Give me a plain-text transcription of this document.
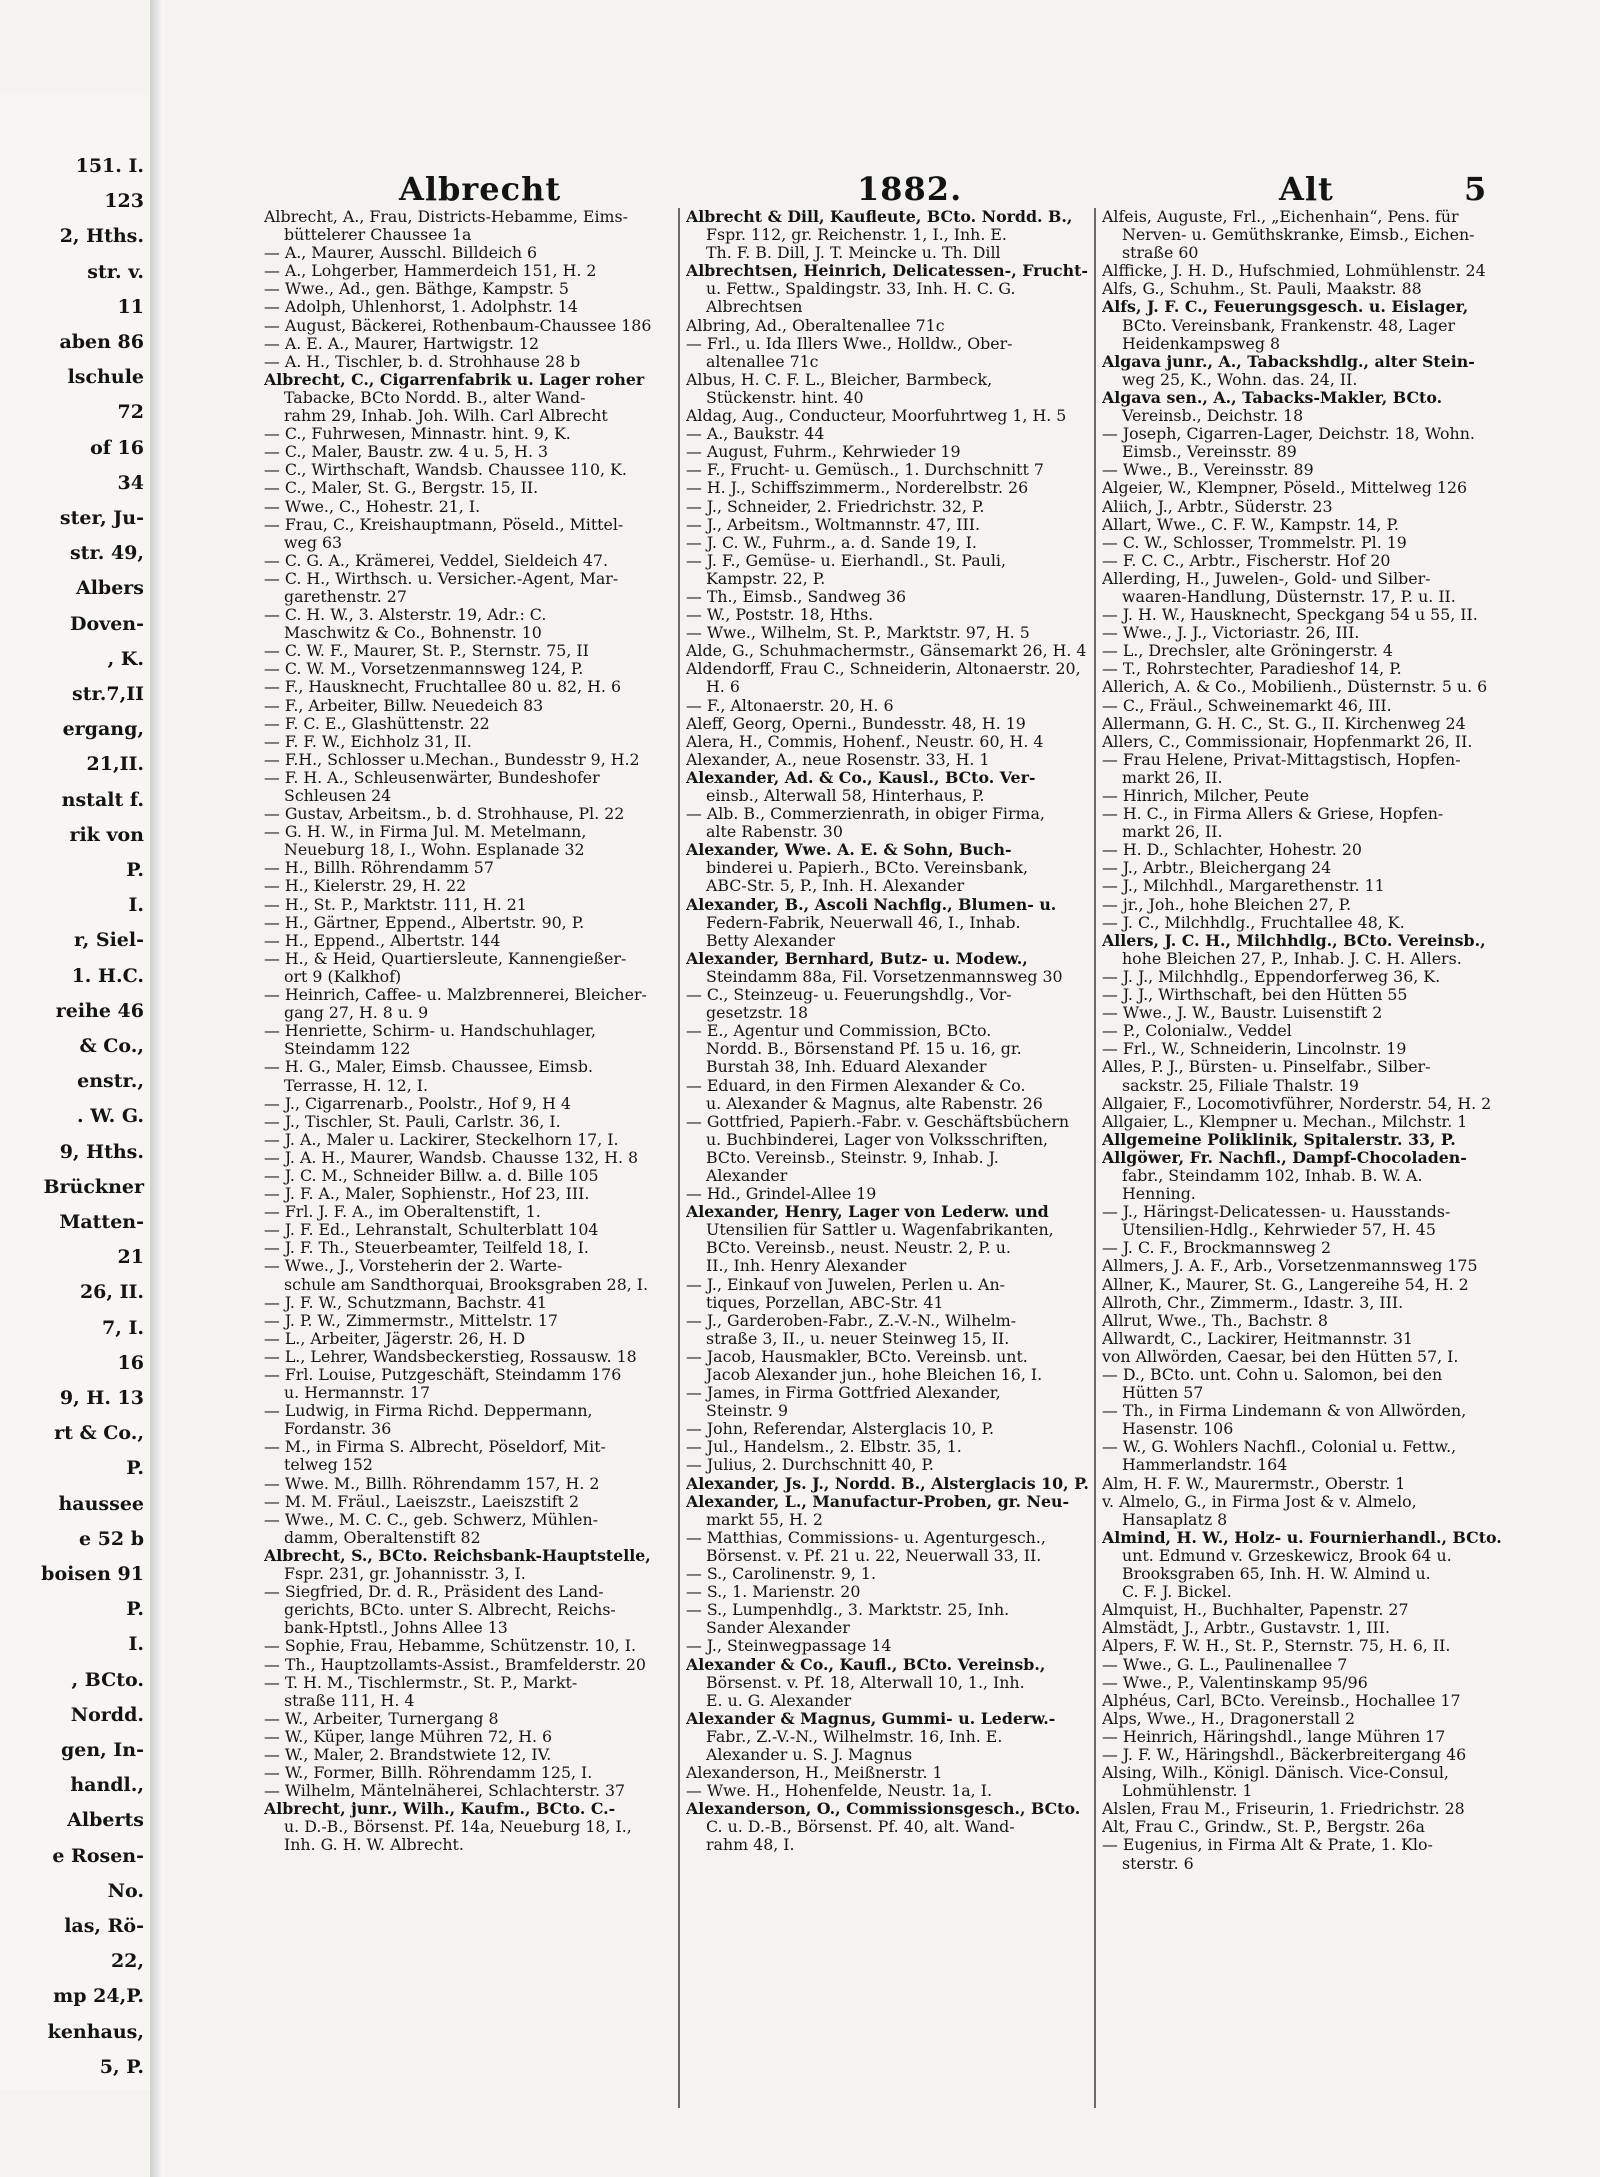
151. I.
123
2, Hths.
str. v.
11
aben 86
lschule
72
of 16
34
ster, Ju-
str. 49,
Albers
Doven-
, K.
str.7,II
ergang,
21,II.
nstalt f.
rik von
P.
I.
r, Siel-
1. H.C.
reihe 46
& Co.,
enstr.,
. W. G.
9, Hths.
Brückner
Matten-
21
26, II.
7, I.
16
9, H. 13
rt & Co.,
P.
haussee
e 52 b
boisen 91
P.
I.
, BCto.
Nordd.
gen, In-
handl.,
Alberts
e Rosen-
No.
las, Rö-
22,
mp 24,P.
kenhaus,
5, P.
Albrecht	1882.	Alt	5
Albrecht, A., Frau, Districts-Hebamme, Eims-
büttelerer Chaussee 1a
— A., Maurer, Ausschl. Billdeich 6
— A., Lohgerber, Hammerdeich 151, H. 2
— Wwe., Ad., gen. Bäthge, Kampstr. 5
— Adolph, Uhlenhorst, 1. Adolphstr. 14
— August, Bäckerei, Rothenbaum-Chaussee 186
— A. E. A., Maurer, Hartwigstr. 12
— A. H., Tischler, b. d. Strohhause 28 b
Albrecht, C., Cigarrenfabrik u. Lager roher
Tabacke, BCto Nordd. B., alter Wand-
rahm 29, Inhab. Joh. Wilh. Carl Albrecht
— C., Fuhrwesen, Minnastr. hint. 9, K.
— C., Maler, Baustr. zw. 4 u. 5, H. 3
— C., Wirthschaft, Wandsb. Chaussee 110, K.
— C., Maler, St. G., Bergstr. 15, II.
— Wwe., C., Hohestr. 21, I.
— Frau, C., Kreishauptmann, Pöseld., Mittel-
weg 63
— C. G. A., Krämerei, Veddel, Sieldeich 47.
— C. H., Wirthsch. u. Versicher.-Agent, Mar-
garethenstr. 27
— C. H. W., 3. Alsterstr. 19, Adr.: C.
Maschwitz & Co., Bohnenstr. 10
— C. W. F., Maurer, St. P., Sternstr. 75, II
— C. W. M., Vorsetzenmannsweg 124, P.
— F., Hausknecht, Fruchtallee 80 u. 82, H. 6
— F., Arbeiter, Billw. Neuedeich 83
— F. C. E., Glashüttenstr. 22
— F. F. W., Eichholz 31, II.
— F.H., Schlosser u.Mechan., Bundesstr 9, H.2
— F. H. A., Schleusenwärter, Bundeshofer
Schleusen 24
— Gustav, Arbeitsm., b. d. Strohhause, Pl. 22
— G. H. W., in Firma Jul. M. Metelmann,
Neueburg 18, I., Wohn. Esplanade 32
— H., Billh. Röhrendamm 57
— H., Kielerstr. 29, H. 22
— H., St. P., Marktstr. 111, H. 21
— H., Gärtner, Eppend., Albertstr. 90, P.
— H., Eppend., Albertstr. 144
— H., & Heid, Quartiersleute, Kannengießer-
ort 9 (Kalkhof)
— Heinrich, Caffee- u. Malzbrennerei, Bleicher-
gang 27, H. 8 u. 9
— Henriette, Schirm- u. Handschuhlager,
Steindamm 122
— H. G., Maler, Eimsb. Chaussee, Eimsb.
Terrasse, H. 12, I.
— J., Cigarrenarb., Poolstr., Hof 9, H 4
— J., Tischler, St. Pauli, Carlstr. 36, I.
— J. A., Maler u. Lackirer, Steckelhorn 17, I.
— J. A. H., Maurer, Wandsb. Chausse 132, H. 8
— J. C. M., Schneider Billw. a. d. Bille 105
— J. F. A., Maler, Sophienstr., Hof 23, III.
— Frl. J. F. A., im Oberaltenstift, 1.
— J. F. Ed., Lehranstalt, Schulterblatt 104
— J. F. Th., Steuerbeamter, Teilfeld 18, I.
— Wwe., J., Vorsteherin der 2. Warte-
schule am Sandthorquai, Brooksgraben 28, I.
— J. F. W., Schutzmann, Bachstr. 41
— J. P. W., Zimmermstr., Mittelstr. 17
— L., Arbeiter, Jägerstr. 26, H. D
— L., Lehrer, Wandsbeckerstieg, Rossausw. 18
— Frl. Louise, Putzgeschäft, Steindamm 176
u. Hermannstr. 17
— Ludwig, in Firma Richd. Deppermann,
Fordanstr. 36
— M., in Firma S. Albrecht, Pöseldorf, Mit-
telweg 152
— Wwe. M., Billh. Röhrendamm 157, H. 2
— M. M. Fräul., Laeiszstr., Laeiszstift 2
— Wwe., M. C. C., geb. Schwerz, Mühlen-
damm, Oberaltenstift 82
Albrecht, S., BCto. Reichsbank-Hauptstelle,
Fspr. 231, gr. Johannisstr. 3, I.
— Siegfried, Dr. d. R., Präsident des Land-
gerichts, BCto. unter S. Albrecht, Reichs-
bank-Hptstl., Johns Allee 13
— Sophie, Frau, Hebamme, Schützenstr. 10, I.
— Th., Hauptzollamts-Assist., Bramfelderstr. 20
— T. H. M., Tischlermstr., St. P., Markt-
straße 111, H. 4
— W., Arbeiter, Turnergang 8
— W., Küper, lange Mühren 72, H. 6
— W., Maler, 2. Brandstwiete 12, IV.
— W., Former, Billh. Röhrendamm 125, I.
— Wilhelm, Mäntelnäherei, Schlachterstr. 37
Albrecht, junr., Wilh., Kaufm., BCto. C.-
u. D.-B., Börsenst. Pf. 14a, Neueburg 18, I.,
Inh. G. H. W. Albrecht.
Albrecht & Dill, Kaufleute, BCto. Nordd. B.,
Fspr. 112, gr. Reichenstr. 1, I., Inh. E.
Th. F. B. Dill, J. T. Meincke u. Th. Dill
Albrechtsen, Heinrich, Delicatessen-, Frucht-
u. Fettw., Spaldingstr. 33, Inh. H. C. G.
Albrechtsen
Albring, Ad., Oberaltenallee 71c
— Frl., u. Ida Illers Wwe., Holldw., Ober-
altenallee 71c
Albus, H. C. F. L., Bleicher, Barmbeck,
Stückenstr. hint. 40
Aldag, Aug., Conducteur, Moorfuhrtweg 1, H. 5
— A., Baukstr. 44
— August, Fuhrm., Kehrwieder 19
— F., Frucht- u. Gemüsch., 1. Durchschnitt 7
— H. J., Schiffszimmerm., Norderelbstr. 26
— J., Schneider, 2. Friedrichstr. 32, P.
— J., Arbeitsm., Woltmannstr. 47, III.
— J. C. W., Fuhrm., a. d. Sande 19, I.
— J. F., Gemüse- u. Eierhandl., St. Pauli,
Kampstr. 22, P.
— Th., Eimsb., Sandweg 36
— W., Poststr. 18, Hths.
— Wwe., Wilhelm, St. P., Marktstr. 97, H. 5
Alde, G., Schuhmachermstr., Gänsemarkt 26, H. 4
Aldendorff, Frau C., Schneiderin, Altonaerstr. 20,
H. 6
— F., Altonaerstr. 20, H. 6
Aleff, Georg, Operni., Bundesstr. 48, H. 19
Alera, H., Commis, Hohenf., Neustr. 60, H. 4
Alexander, A., neue Rosenstr. 33, H. 1
Alexander, Ad. & Co., Kausl., BCto. Ver-
einsb., Alterwall 58, Hinterhaus, P.
— Alb. B., Commerzienrath, in obiger Firma,
alte Rabenstr. 30
Alexander, Wwe. A. E. & Sohn, Buch-
binderei u. Papierh., BCto. Vereinsbank,
ABC-Str. 5, P., Inh. H. Alexander
Alexander, B., Ascoli Nachflg., Blumen- u.
Federn-Fabrik, Neuerwall 46, I., Inhab.
Betty Alexander
Alexander, Bernhard, Butz- u. Modew.,
Steindamm 88a, Fil. Vorsetzenmannsweg 30
— C., Steinzeug- u. Feuerungshdlg., Vor-
gesetzstr. 18
— E., Agentur und Commission, BCto.
Nordd. B., Börsenstand Pf. 15 u. 16, gr.
Burstah 38, Inh. Eduard Alexander
— Eduard, in den Firmen Alexander & Co.
u. Alexander & Magnus, alte Rabenstr. 26
— Gottfried, Papierh.-Fabr. v. Geschäftsbüchern
u. Buchbinderei, Lager von Volksschriften,
BCto. Vereinsb., Steinstr. 9, Inhab. J.
Alexander
— Hd., Grindel-Allee 19
Alexander, Henry, Lager von Lederw. und
Utensilien für Sattler u. Wagenfabrikanten,
BCto. Vereinsb., neust. Neustr. 2, P. u.
II., Inh. Henry Alexander
— J., Einkauf von Juwelen, Perlen u. An-
tiques, Porzellan, ABC-Str. 41
— J., Garderoben-Fabr., Z.-V.-N., Wilhelm-
straße 3, II., u. neuer Steinweg 15, II.
— Jacob, Hausmakler, BCto. Vereinsb. unt.
Jacob Alexander jun., hohe Bleichen 16, I.
— James, in Firma Gottfried Alexander,
Steinstr. 9
— John, Referendar, Alsterglacis 10, P.
— Jul., Handelsm., 2. Elbstr. 35, 1.
— Julius, 2. Durchschnitt 40, P.
Alexander, Js. J., Nordd. B., Alsterglacis 10, P.
Alexander, L., Manufactur-Proben, gr. Neu-
markt 55, H. 2
— Matthias, Commissions- u. Agenturgesch.,
Börsenst. v. Pf. 21 u. 22, Neuerwall 33, II.
— S., Carolinenstr. 9, 1.
— S., 1. Marienstr. 20
— S., Lumpenhdlg., 3. Marktstr. 25, Inh.
Sander Alexander
— J., Steinwegpassage 14
Alexander & Co., Kaufl., BCto. Vereinsb.,
Börsenst. v. Pf. 18, Alterwall 10, 1., Inh.
E. u. G. Alexander
Alexander & Magnus, Gummi- u. Lederw.-
Fabr., Z.-V.-N., Wilhelmstr. 16, Inh. E.
Alexander u. S. J. Magnus
Alexanderson, H., Meißnerstr. 1
— Wwe. H., Hohenfelde, Neustr. 1a, I.
Alexanderson, O., Commissionsgesch., BCto.
C. u. D.-B., Börsenst. Pf. 40, alt. Wand-
rahm 48, I.
Alfeis, Auguste, Frl., „Eichenhain“, Pens. für
Nerven- u. Gemüthskranke, Eimsb., Eichen-
straße 60
Alfficke, J. H. D., Hufschmied, Lohmühlenstr. 24
Alfs, G., Schuhm., St. Pauli, Maakstr. 88
Alfs, J. F. C., Feuerungsgesch. u. Eislager,
BCto. Vereinsbank, Frankenstr. 48, Lager
Heidenkampsweg 8
Algava junr., A., Tabackshdlg., alter Stein-
weg 25, K., Wohn. das. 24, II.
Algava sen., A., Tabacks-Makler, BCto.
Vereinsb., Deichstr. 18
— Joseph, Cigarren-Lager, Deichstr. 18, Wohn.
Eimsb., Vereinsstr. 89
— Wwe., B., Vereinsstr. 89
Algeier, W., Klempner, Pöseld., Mittelweg 126
Aliich, J., Arbtr., Süderstr. 23
Allart, Wwe., C. F. W., Kampstr. 14, P.
— C. W., Schlosser, Trommelstr. Pl. 19
— F. C. C., Arbtr., Fischerstr. Hof 20
Allerding, H., Juwelen-, Gold- und Silber-
waaren-Handlung, Düsternstr. 17, P. u. II.
— J. H. W., Hausknecht, Speckgang 54 u 55, II.
— Wwe., J. J., Victoriastr. 26, III.
— L., Drechsler, alte Gröningerstr. 4
— T., Rohrstechter, Paradieshof 14, P.
Allerich, A. & Co., Mobilienh., Düsternstr. 5 u. 6
— C., Fräul., Schweinemarkt 46, III.
Allermann, G. H. C., St. G., II. Kirchenweg 24
Allers, C., Commissionair, Hopfenmarkt 26, II.
— Frau Helene, Privat-Mittagstisch, Hopfen-
markt 26, II.
— Hinrich, Milcher, Peute
— H. C., in Firma Allers & Griese, Hopfen-
markt 26, II.
— H. D., Schlachter, Hohestr. 20
— J., Arbtr., Bleichergang 24
— J., Milchhdl., Margarethenstr. 11
— jr., Joh., hohe Bleichen 27, P.
— J. C., Milchhdlg., Fruchtallee 48, K.
Allers, J. C. H., Milchhdlg., BCto. Vereinsb.,
hohe Bleichen 27, P., Inhab. J. C. H. Allers.
— J. J., Milchhdlg., Eppendorferweg 36, K.
— J. J., Wirthschaft, bei den Hütten 55
— Wwe., J. W., Baustr. Luisenstift 2
— P., Colonialw., Veddel
— Frl., W., Schneiderin, Lincolnstr. 19
Alles, P. J., Bürsten- u. Pinselfabr., Silber-
sackstr. 25, Filiale Thalstr. 19
Allgaier, F., Locomotivführer, Norderstr. 54, H. 2
Allgaier, L., Klempner u. Mechan., Milchstr. 1
Allgemeine Poliklinik, Spitalerstr. 33, P.
Allgöwer, Fr. Nachfl., Dampf-Chocoladen-
fabr., Steindamm 102, Inhab. B. W. A.
Henning.
— J., Häringst-Delicatessen- u. Hausstands-
Utensilien-Hdlg., Kehrwieder 57, H. 45
— J. C. F., Brockmannsweg 2
Allmers, J. A. F., Arb., Vorsetzenmannsweg 175
Allner, K., Maurer, St. G., Langereihe 54, H. 2
Allroth, Chr., Zimmerm., Idastr. 3, III.
Allrut, Wwe., Th., Bachstr. 8
Allwardt, C., Lackirer, Heitmannstr. 31
von Allwörden, Caesar, bei den Hütten 57, I.
— D., BCto. unt. Cohn u. Salomon, bei den
Hütten 57
— Th., in Firma Lindemann & von Allwörden,
Hasenstr. 106
— W., G. Wohlers Nachfl., Colonial u. Fettw.,
Hammerlandstr. 164
Alm, H. F. W., Maurermstr., Oberstr. 1
v. Almelo, G., in Firma Jost & v. Almelo,
Hansaplatz 8
Almind, H. W., Holz- u. Fournierhandl., BCto.
unt. Edmund v. Grzeskewicz, Brook 64 u.
Brooksgraben 65, Inh. H. W. Almind u.
C. F. J. Bickel.
Almquist, H., Buchhalter, Papenstr. 27
Almstädt, J., Arbtr., Gustavstr. 1, III.
Alpers, F. W. H., St. P., Sternstr. 75, H. 6, II.
— Wwe., G. L., Paulinenallee 7
— Wwe., P., Valentinskamp 95/96
Alphéus, Carl, BCto. Vereinsb., Hochallee 17
Alps, Wwe., H., Dragonerstall 2
— Heinrich, Häringshdl., lange Mühren 17
— J. F. W., Häringshdl., Bäckerbreitergang 46
Alsing, Wilh., Königl. Dänisch. Vice-Consul,
Lohmühlenstr. 1
Alslen, Frau M., Friseurin, 1. Friedrichstr. 28
Alt, Frau C., Grindw., St. P., Bergstr. 26a
— Eugenius, in Firma Alt & Prate, 1. Klo-
sterstr. 6
